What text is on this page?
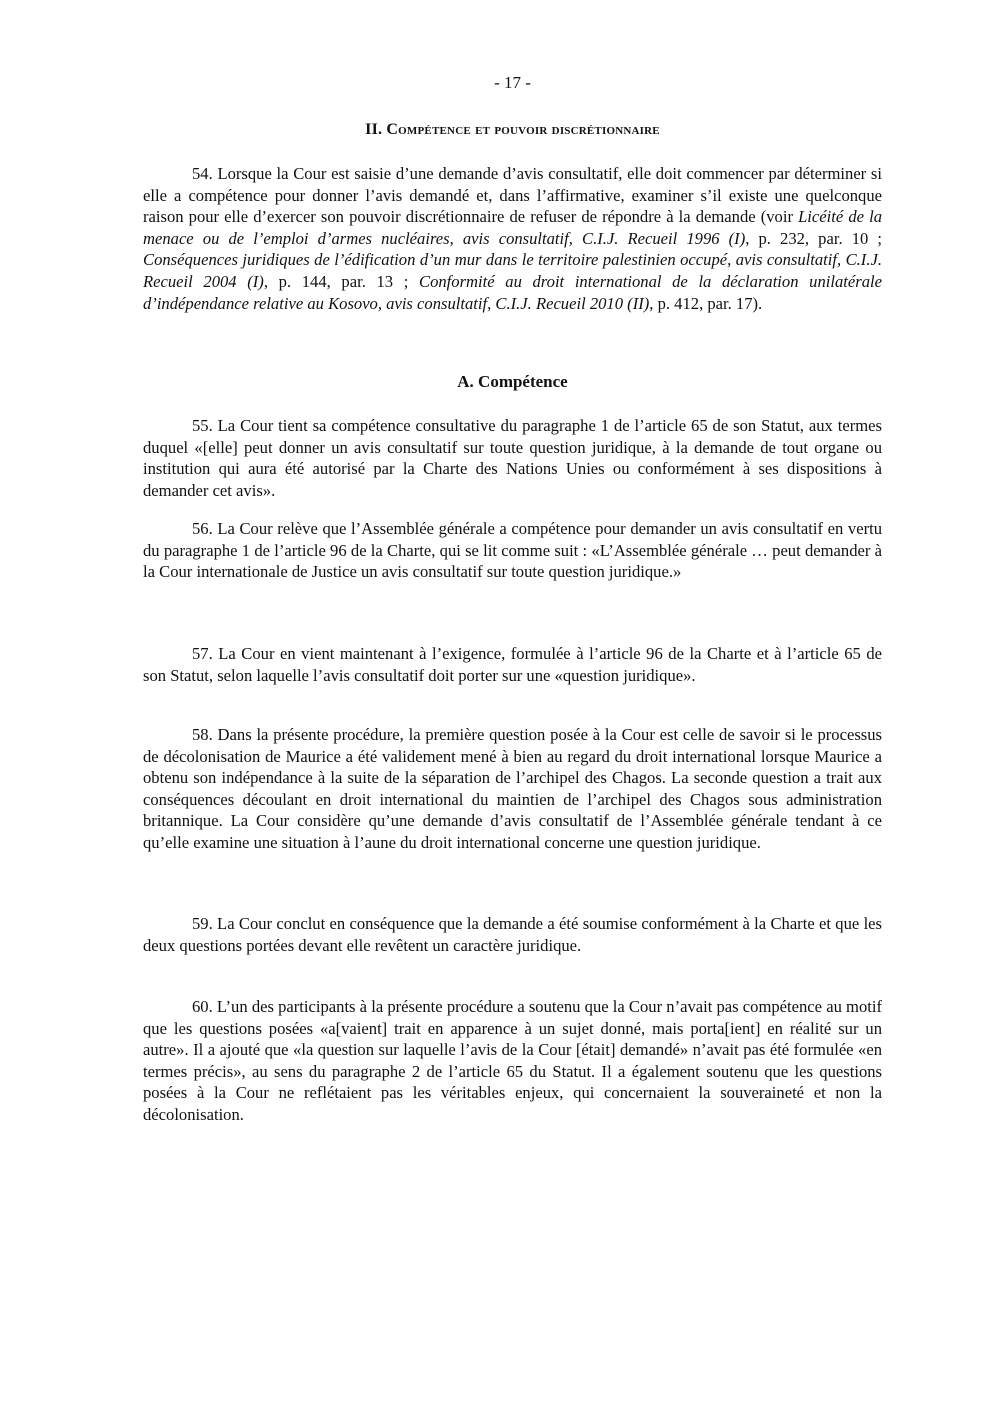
- 17 -
II. Compétence et pouvoir discrétionnaire

54. Lorsque la Cour est saisie d’une demande d’avis consultatif, elle doit commencer par déterminer si elle a compétence pour donner l’avis demandé et, dans l’affirmative, examiner s’il existe une quelconque raison pour elle d’exercer son pouvoir discrétionnaire de refuser de répondre à la demande (voir Licéité de la menace ou de l’emploi d’armes nucléaires, avis consultatif, C.I.J. Recueil 1996 (I), p. 232, par. 10 ; Conséquences juridiques de l’édification d’un mur dans le territoire palestinien occupé, avis consultatif, C.I.J. Recueil 2004 (I), p. 144, par. 13 ; Conformité au droit international de la déclaration unilatérale d’indépendance relative au Kosovo, avis consultatif, C.I.J. Recueil 2010 (II), p. 412, par. 17).

A. Compétence

55. La Cour tient sa compétence consultative du paragraphe 1 de l’article 65 de son Statut, aux termes duquel «[elle] peut donner un avis consultatif sur toute question juridique, à la demande de tout organe ou institution qui aura été autorisé par la Charte des Nations Unies ou conformément à ses dispositions à demander cet avis».

56. La Cour relève que l’Assemblée générale a compétence pour demander un avis consultatif en vertu du paragraphe 1 de l’article 96 de la Charte, qui se lit comme suit : «L’Assemblée générale … peut demander à la Cour internationale de Justice un avis consultatif sur toute question juridique.»

57. La Cour en vient maintenant à l’exigence, formulée à l’article 96 de la Charte et à l’article 65 de son Statut, selon laquelle l’avis consultatif doit porter sur une «question juridique».

58. Dans la présente procédure, la première question posée à la Cour est celle de savoir si le processus de décolonisation de Maurice a été validement mené à bien au regard du droit international lorsque Maurice a obtenu son indépendance à la suite de la séparation de l’archipel des Chagos. La seconde question a trait aux conséquences découlant en droit international du maintien de l’archipel des Chagos sous administration britannique. La Cour considère qu’une demande d’avis consultatif de l’Assemblée générale tendant à ce qu’elle examine une situation à l’aune du droit international concerne une question juridique.

59. La Cour conclut en conséquence que la demande a été soumise conformément à la Charte et que les deux questions portées devant elle revêtent un caractère juridique.

60. L’un des participants à la présente procédure a soutenu que la Cour n’avait pas compétence au motif que les questions posées «a[vaient] trait en apparence à un sujet donné, mais porta[ient] en réalité sur un autre». Il a ajouté que «la question sur laquelle l’avis de la Cour [était] demandé» n’avait pas été formulée «en termes précis», au sens du paragraphe 2 de l’article 65 du Statut. Il a également soutenu que les questions posées à la Cour ne reflétaient pas les véritables enjeux, qui concernaient la souveraineté et non la décolonisation.
